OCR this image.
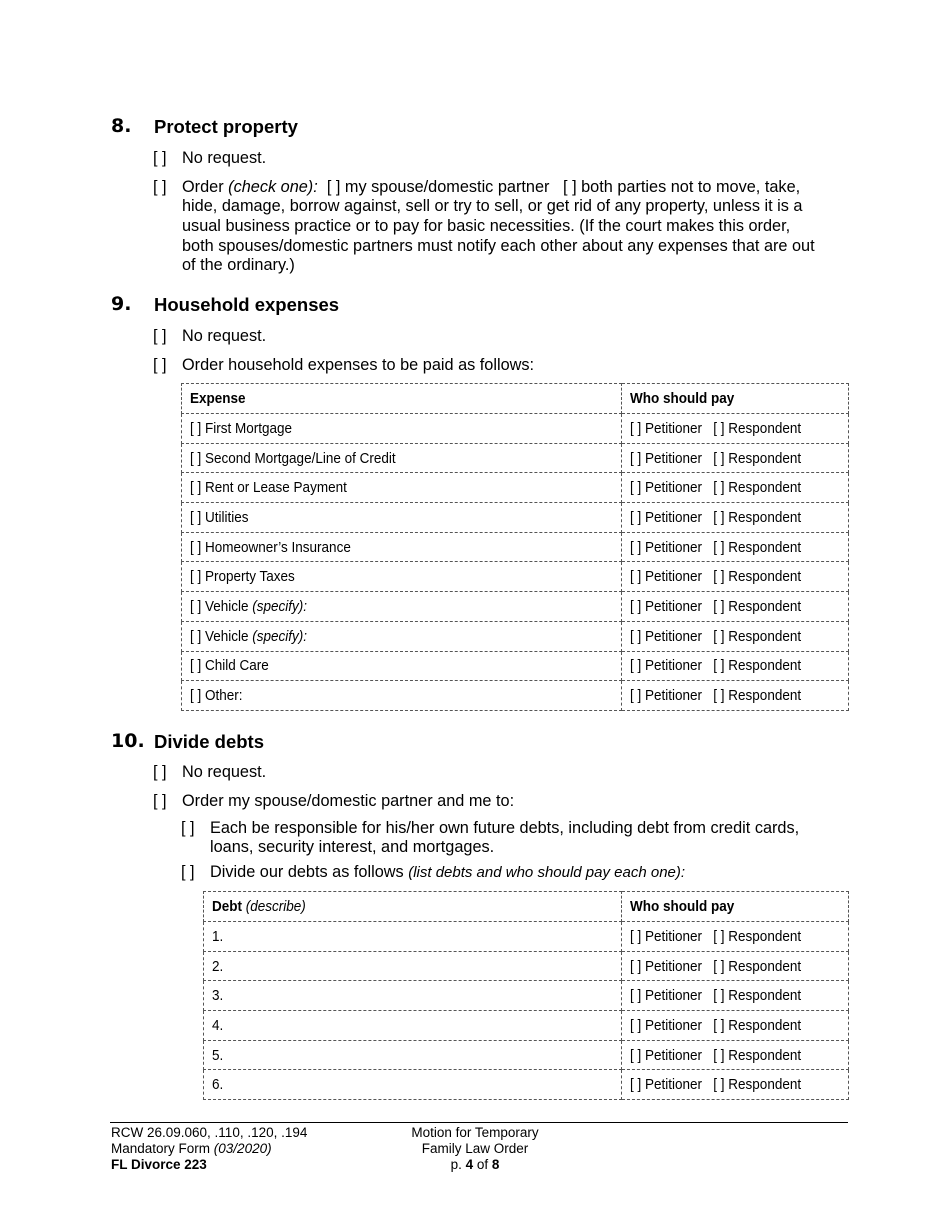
8. Protect property
[ ] No request.
[ ] Order (check one): [ ] my spouse/domestic partner [ ] both parties not to move, take,
hide, damage, borrow against, sell or try to sell, or get rid of any property, unless it is a
usual business practice or to pay for basic necessities. (If the court makes this order,
both spouses/domestic partners must notify each other about any expenses that are out
of the ordinary.)
9. Household expenses
[ ] No request.
[ ] Order household expenses to be paid as follows:
Expense	Who should pay
[ ] First Mortgage	[ ] Petitioner   [ ] Respondent
[ ] Second Mortgage/Line of Credit	[ ] Petitioner   [ ] Respondent
[ ] Rent or Lease Payment	[ ] Petitioner   [ ] Respondent
[ ] Utilities	[ ] Petitioner   [ ] Respondent
[ ] Homeowner’s Insurance	[ ] Petitioner   [ ] Respondent
[ ] Property Taxes	[ ] Petitioner   [ ] Respondent
[ ] Vehicle (specify):	[ ] Petitioner   [ ] Respondent
[ ] Vehicle (specify):	[ ] Petitioner   [ ] Respondent
[ ] Child Care	[ ] Petitioner   [ ] Respondent
[ ] Other:	[ ] Petitioner   [ ] Respondent
10. Divide debts
[ ] No request.
[ ] Order my spouse/domestic partner and me to:
[ ] Each be responsible for his/her own future debts, including debt from credit cards,
loans, security interest, and mortgages.
[ ] Divide our debts as follows (list debts and who should pay each one):
Debt (describe)	Who should pay
1.	[ ] Petitioner   [ ] Respondent
2.	[ ] Petitioner   [ ] Respondent
3.	[ ] Petitioner   [ ] Respondent
4.	[ ] Petitioner   [ ] Respondent
5.	[ ] Petitioner   [ ] Respondent
6.	[ ] Petitioner   [ ] Respondent
RCW 26.09.060, .110, .120, .194
Mandatory Form (03/2020)
FL Divorce 223
Motion for Temporary
Family Law Order
p. 4 of 8
